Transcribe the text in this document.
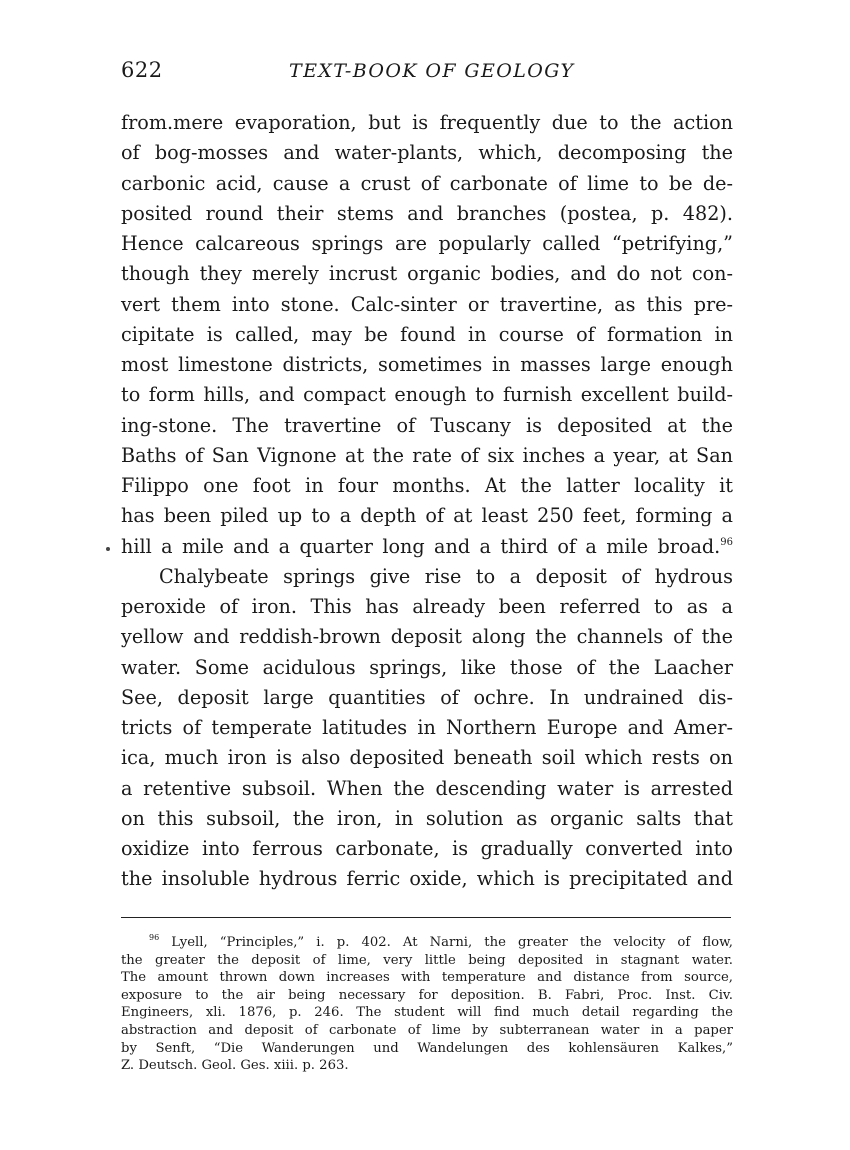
622	TEXT-BOOK OF GEOLOGY
from.mere evaporation, but is frequently due to the action
of bog-mosses and water-plants, which, decomposing the
carbonic acid, cause a crust of carbonate of lime to be de-
posited round their stems and branches (postea, p. 482).
Hence calcareous springs are popularly called “petrifying,”
though they merely incrust organic bodies, and do not con-
vert them into stone. Calc-sinter or travertine, as this pre-
cipitate is called, may be found in course of formation in
most limestone districts, sometimes in masses large enough
to form hills, and compact enough to furnish excellent build-
ing-stone. The travertine of Tuscany is deposited at the
Baths of San Vignone at the rate of six inches a year, at San
Filippo one foot in four months. At the latter locality it
has been piled up to a depth of at least 250 feet, forming a
hill a mile and a quarter long and a third of a mile broad.$^{96}$
Chalybeate springs give rise to a deposit of hydrous
peroxide of iron. This has already been referred to as a
yellow and reddish-brown deposit along the channels of the
water. Some acidulous springs, like those of the Laacher
See, deposit large quantities of ochre. In undrained dis-
tricts of temperate latitudes in Northern Europe and Amer-
ica, much iron is also deposited beneath soil which rests on
a retentive subsoil. When the descending water is arrested
on this subsoil, the iron, in solution as organic salts that
oxidize into ferrous carbonate, is gradually converted into
the insoluble hydrous ferric oxide, which is precipitated and
$^{96}$ Lyell, “Principles,” i. p. 402. At Narni, the greater the velocity of flow,
the greater the deposit of lime, very little being deposited in stagnant water.
The amount thrown down increases with temperature and distance from source,
exposure to the air being necessary for deposition. B. Fabri, Proc. Inst. Civ.
Engineers, xli. 1876, p. 246. The student will find much detail regarding the
abstraction and deposit of carbonate of lime by subterranean water in a paper
by Senft, “Die Wanderungen und Wandelungen des kohlensäuren Kalkes,”
Z. Deutsch. Geol. Ges. xiii. p. 263.
